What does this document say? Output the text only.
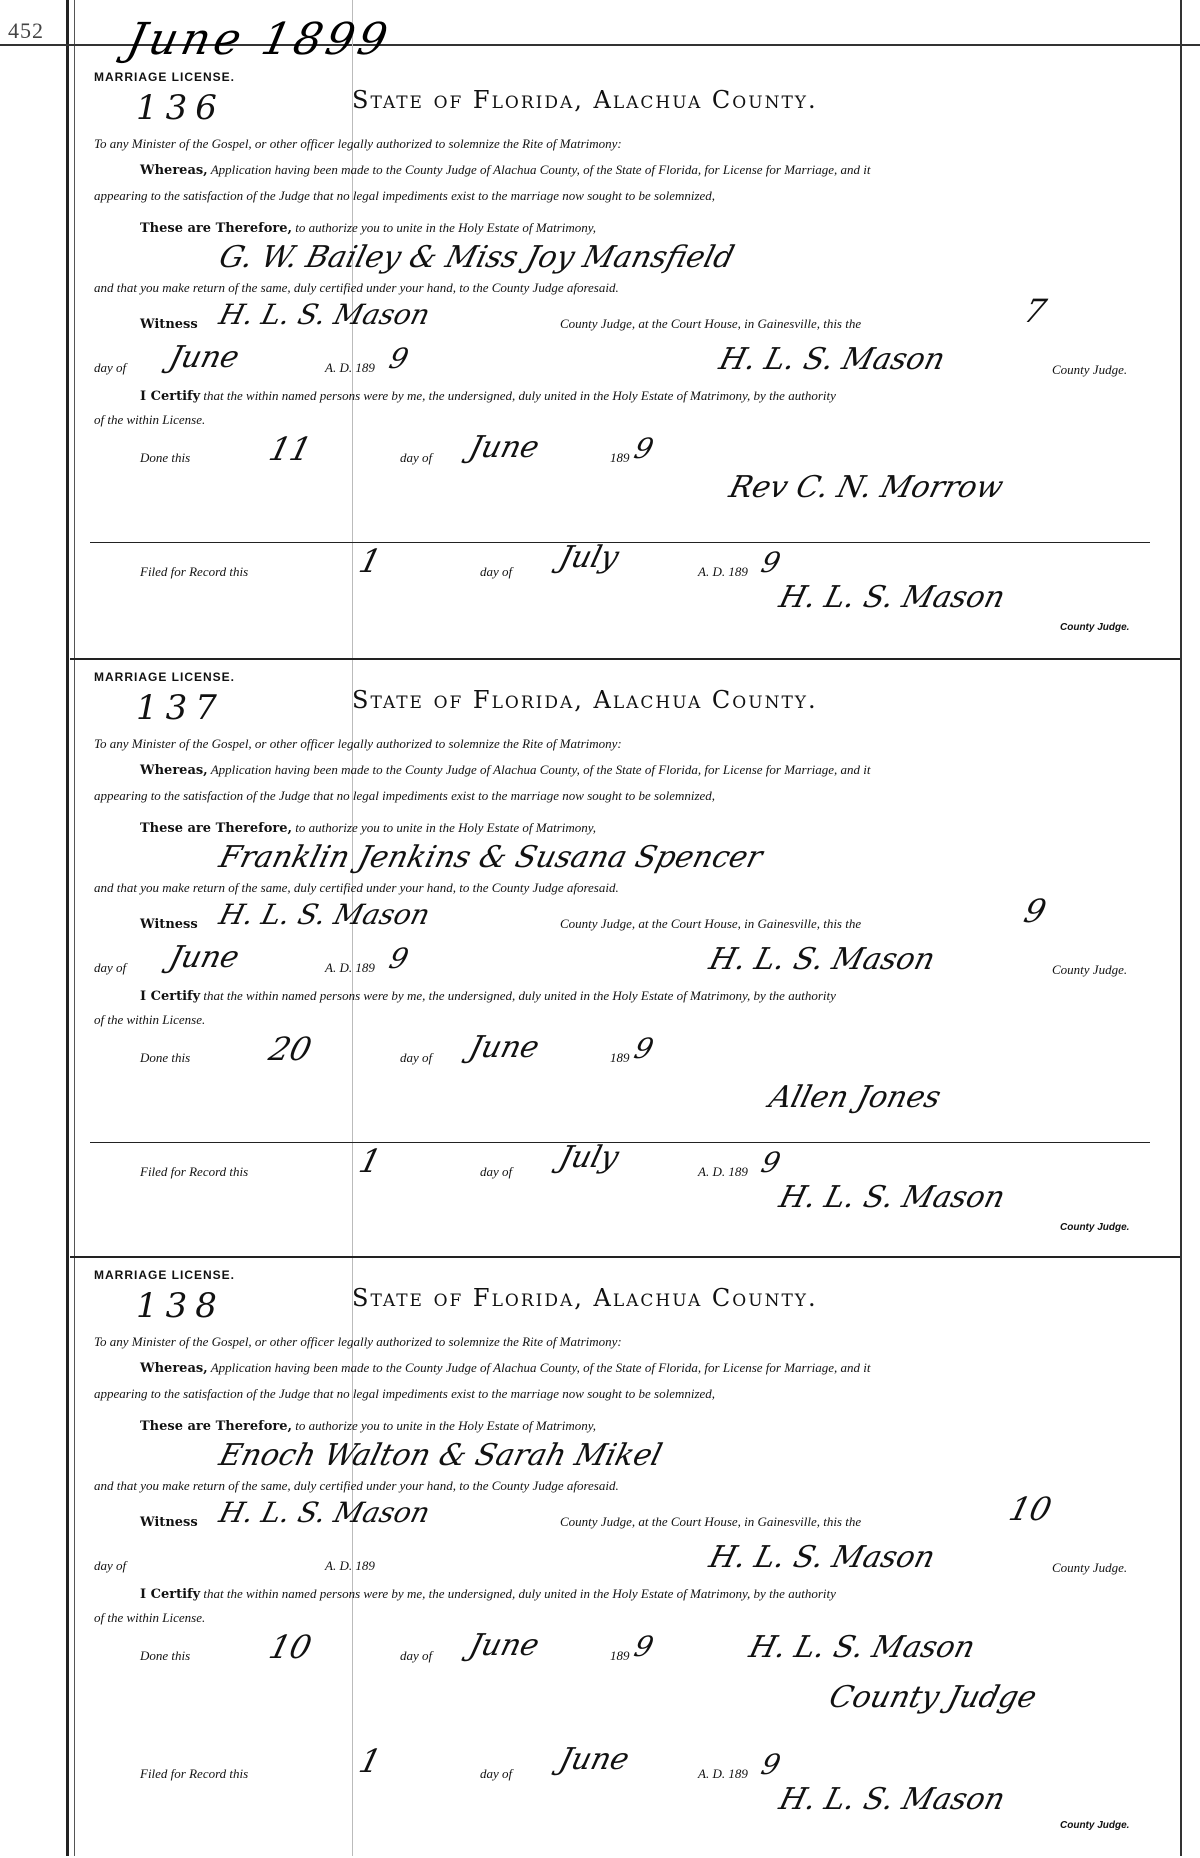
452 June 1899
MARRIAGE LICENSE.
136	State of Florida, Alachua County.
To any Minister of the Gospel, or other officer legally authorized to solemnize the Rite of Matrimony:
Whereas, Application having been made to the County Judge of Alachua County, of the State of Florida, for License for Marriage, and it
appearing to the satisfaction of the Judge that no legal impediments exist to the marriage now sought to be solemnized,
These are Therefore, to authorize you to unite in the Holy Estate of Matrimony,
G. W. Bailey & Miss Joy Mansfield
and that you make return of the same, duly certified under your hand, to the County Judge aforesaid.
Witness H. L. S. Mason	County Judge, at the Court House, in Gainesville, this the	7
day of June	A. D. 189 9	H. L. S. Mason	County Judge.
I Certify that the within named persons were by me, the undersigned, duly united in the Holy Estate of Matrimony, by the authority
of the within License.
Done this 11	day of June	189 9
Rev C. N. Morrow
Filed for Record this	1	day of July	A. D. 189 9
H. L. S. Mason
County Judge.
MARRIAGE LICENSE.
137	State of Florida, Alachua County.
To any Minister of the Gospel, or other officer legally authorized to solemnize the Rite of Matrimony:
Whereas, Application having been made to the County Judge of Alachua County, of the State of Florida, for License for Marriage, and it
appearing to the satisfaction of the Judge that no legal impediments exist to the marriage now sought to be solemnized,
These are Therefore, to authorize you to unite in the Holy Estate of Matrimony,
Franklin Jenkins & Susana Spencer
and that you make return of the same, duly certified under your hand, to the County Judge aforesaid.
Witness H. L. S. Mason	County Judge, at the Court House, in Gainesville, this the	9
day of June	A. D. 189 9	H. L. S. Mason	County Judge.
I Certify that the within named persons were by me, the undersigned, duly united in the Holy Estate of Matrimony, by the authority
of the within License.
Done this 20	day of June	189 9
Allen Jones
Filed for Record this	1	day of July	A. D. 189 9
H. L. S. Mason
County Judge.
MARRIAGE LICENSE.
138	State of Florida, Alachua County.
To any Minister of the Gospel, or other officer legally authorized to solemnize the Rite of Matrimony:
Whereas, Application having been made to the County Judge of Alachua County, of the State of Florida, for License for Marriage, and it
appearing to the satisfaction of the Judge that no legal impediments exist to the marriage now sought to be solemnized,
These are Therefore, to authorize you to unite in the Holy Estate of Matrimony,
Enoch Walton & Sarah Mikel
and that you make return of the same, duly certified under your hand, to the County Judge aforesaid.
Witness H. L. S. Mason	County Judge, at the Court House, in Gainesville, this the	10
day of	A. D. 189	H. L. S. Mason	County Judge.
I Certify that the within named persons were by me, the undersigned, duly united in the Holy Estate of Matrimony, by the authority
of the within License.
Done this 10	day of June	189 9	H. L. S. Mason
County Judge
Filed for Record this	1	day of June	A. D. 189 9
H. L. S. Mason
County Judge.
